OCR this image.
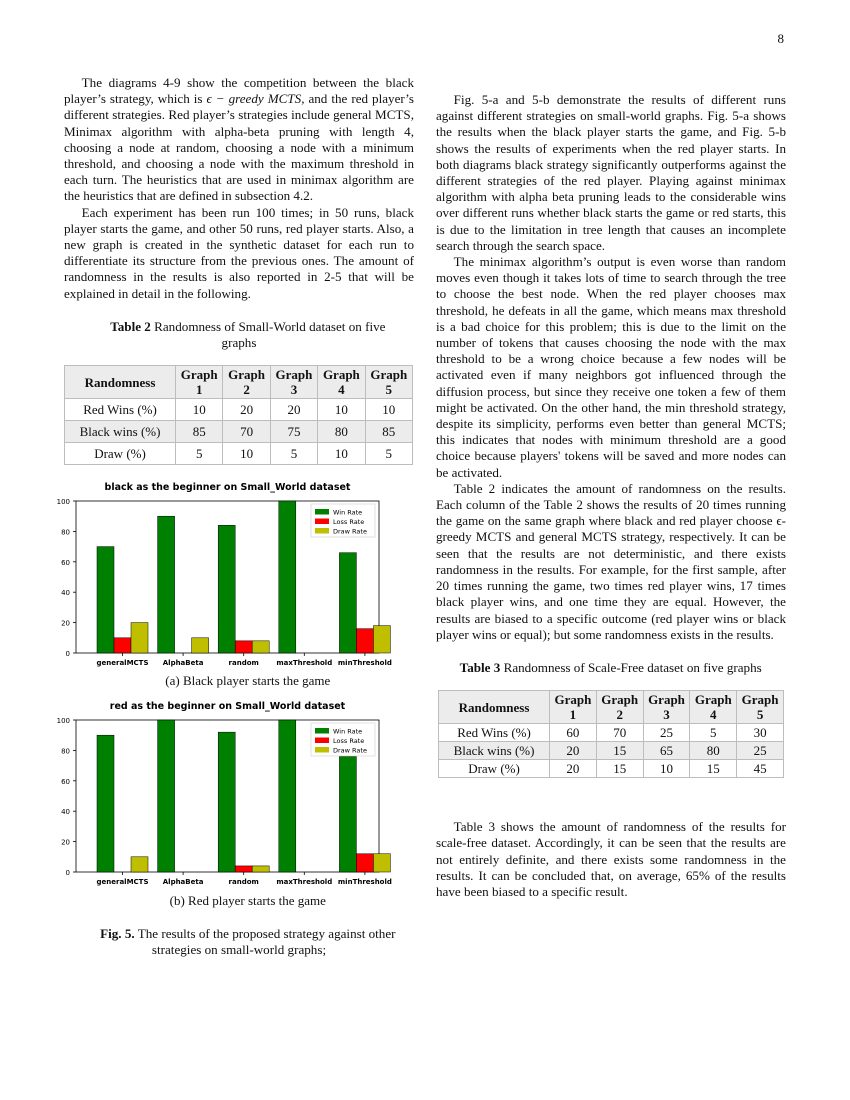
8

The diagrams 4-9 show the competition between the black player’s strategy, which is ϵ − greedy MCTS, and the red player’s different strategies. Red player’s strategies include general MCTS, Minimax algorithm with alpha-beta pruning with length 4, choosing a node at random, choosing a node with a minimum threshold, and choosing a node with the maximum threshold in each turn. The heuristics that are used in minimax algorithm are the heuristics that are defined in subsection 4.2.

Each experiment has been run 100 times; in 50 runs, black player starts the game, and other 50 runs, red player starts. Also, a new graph is created in the synthetic dataset for each run to differentiate its structure from the previous ones. The amount of randomness in the results is also reported in 2-5 that will be explained in detail in the following.

Table 2 Randomness of Small-World dataset on five graphs

Randomness	Graph 1	Graph 2	Graph 3	Graph 4	Graph 5
Red Wins (%)	10	20	20	10	10
Black wins (%)	85	70	75	80	85
Draw (%)	5	10	5	10	5
black as the beginner on Small_World dataset
0
20
40
60
80
100
generalMCTS AlphaBeta	random	maxThreshold minThreshold
Win Rate
Loss Rate
Draw Rate

(a) Black player starts the game

red as the beginner on Small_World dataset
0
20
40
60
80
100
generalMCTS AlphaBeta	random	maxThreshold minThreshold
Win Rate
Loss Rate
Draw Rate

(b) Red player starts the game

Fig. 5. The results of the proposed strategy against other strategies on small-world graphs;

Fig. 5-a and 5-b demonstrate the results of different runs against different strategies on small-world graphs. Fig. 5-a shows the results when the black player starts the game, and Fig. 5-b shows the results of experiments when the red player starts. In both diagrams black strategy significantly outperforms against the different strategies of the red player. Playing against minimax algorithm with alpha beta pruning leads to the considerable wins over different runs whether black starts the game or red starts, this is due to the limitation in tree length that causes an incomplete search through the search space.

The minimax algorithm’s output is even worse than random moves even though it takes lots of time to search through the tree to choose the best node. When the red player chooses max threshold, he defeats in all the game, which means max threshold is a bad choice for this problem; this is due to the limit on the number of tokens that causes choosing the node with the max threshold to be a wrong choice because a few nodes will be activated even if many neighbors got influenced through the diffusion process, but since they receive one token a few of them might be activated. On the other hand, the min threshold strategy, despite its simplicity, performs even better than general MCTS; this indicates that nodes with minimum threshold are a good choice because players' tokens will be saved and more nodes can be activated.

Table 2 indicates the amount of randomness on the results. Each column of the Table 2 shows the results of 20 times running the game on the same graph where black and red player choose ϵ-greedy MCTS and general MCTS strategy, respectively. It can be seen that the results are not deterministic, and there exists randomness in the results. For example, for the first sample, after 20 times running the game, two times red player wins, 17 times black player wins, and one time they are equal. However, the results are biased to a specific outcome (red player wins or black player wins or equal); but some randomness exists in the results.

Table 3 Randomness of Scale-Free dataset on five graphs

Randomness	Graph 1	Graph 2	Graph 3	Graph 4	Graph 5
Red Wins (%)	60	70	25	5	30
Black wins (%)	20	15	65	80	25
Draw (%)	20	15	10	15	45

Table 3 shows the amount of randomness of the results for scale-free dataset. Accordingly, it can be seen that the results are not entirely definite, and there exists some randomness in the results. It can be concluded that, on average, 65% of the results have been biased to a specific result.
